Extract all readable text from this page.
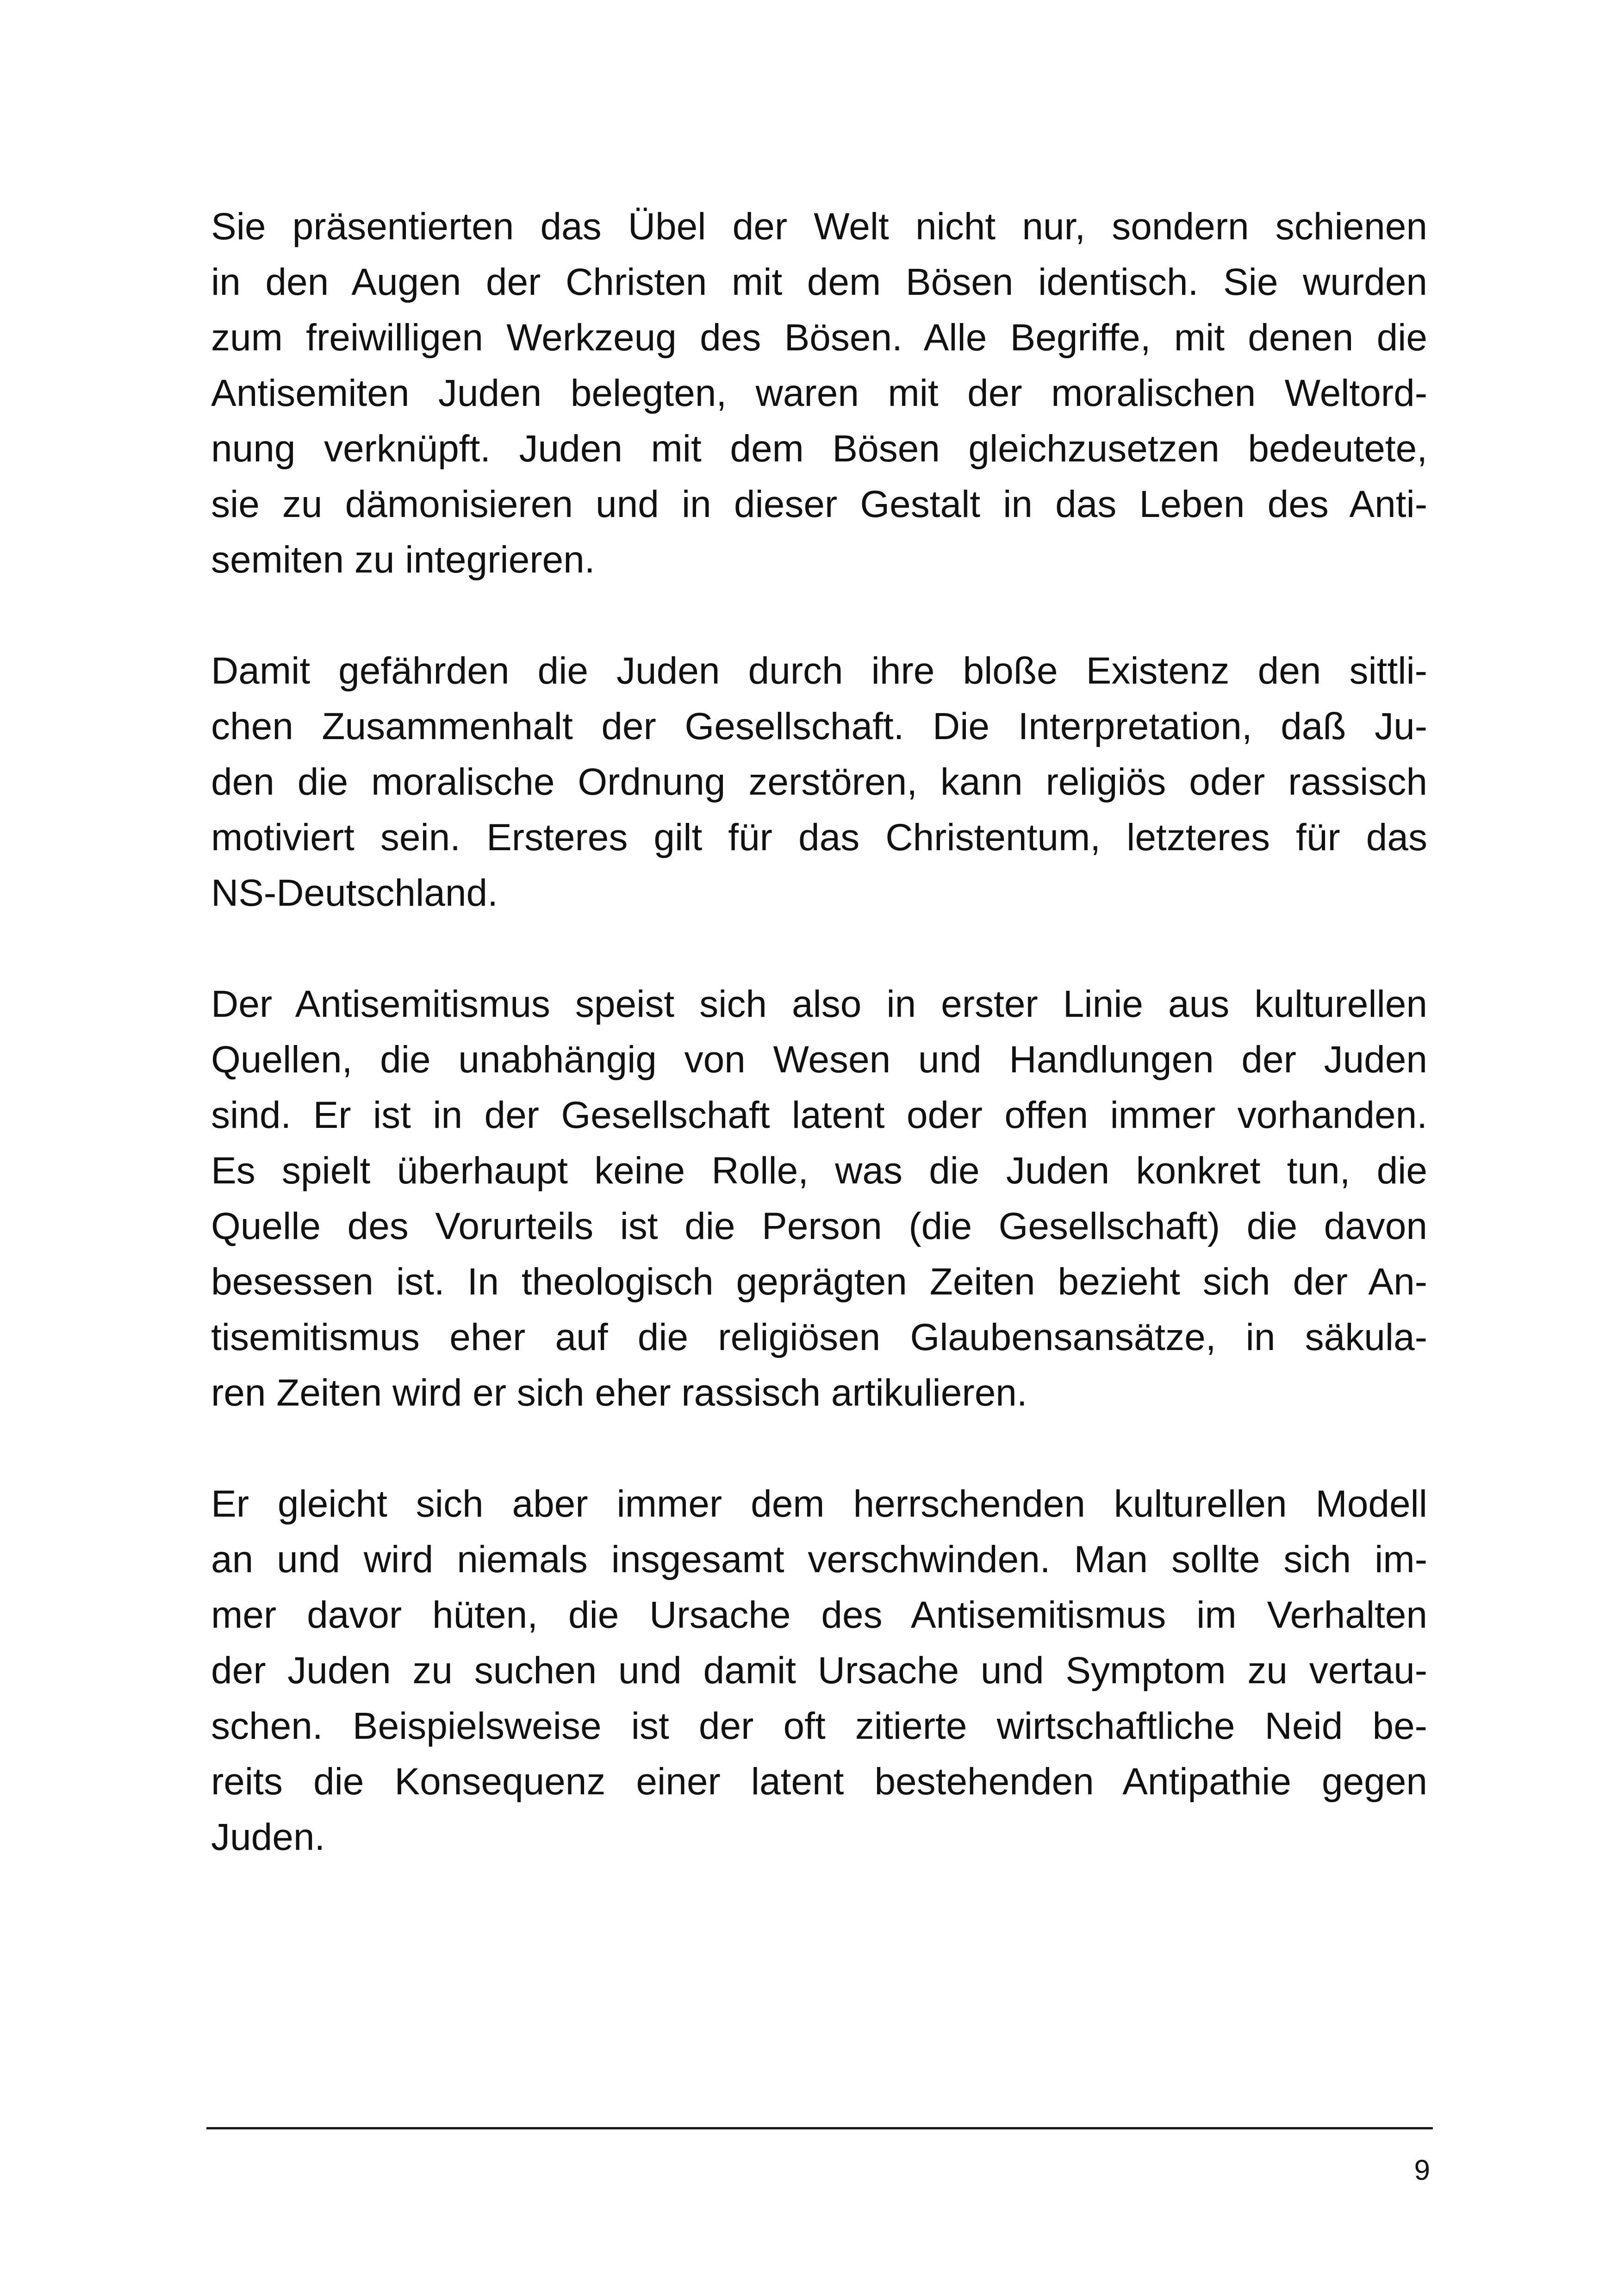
Sie präsentierten das Übel der Welt nicht nur, sondern schienen
in den Augen der Christen mit dem Bösen identisch. Sie wurden
zum freiwilligen Werkzeug des Bösen. Alle Begriffe, mit denen die
Antisemiten Juden belegten, waren mit der moralischen Weltord-
nung verknüpft. Juden mit dem Bösen gleichzusetzen bedeutete,
sie zu dämonisieren und in dieser Gestalt in das Leben des Anti-
semiten zu integrieren.
Damit gefährden die Juden durch ihre bloße Existenz den sittli-
chen Zusammenhalt der Gesellschaft. Die Interpretation, daß Ju-
den die moralische Ordnung zerstören, kann religiös oder rassisch
motiviert sein. Ersteres gilt für das Christentum, letzteres für das
NS-Deutschland.
Der Antisemitismus speist sich also in erster Linie aus kulturellen
Quellen, die unabhängig von Wesen und Handlungen der Juden
sind. Er ist in der Gesellschaft latent oder offen immer vorhanden.
Es spielt überhaupt keine Rolle, was die Juden konkret tun, die
Quelle des Vorurteils ist die Person (die Gesellschaft) die davon
besessen ist. In theologisch geprägten Zeiten bezieht sich der An-
tisemitismus eher auf die religiösen Glaubensansätze, in säkula-
ren Zeiten wird er sich eher rassisch artikulieren.
Er gleicht sich aber immer dem herrschenden kulturellen Modell
an und wird niemals insgesamt verschwinden. Man sollte sich im-
mer davor hüten, die Ursache des Antisemitismus im Verhalten
der Juden zu suchen und damit Ursache und Symptom zu vertau-
schen. Beispielsweise ist der oft zitierte wirtschaftliche Neid be-
reits die Konsequenz einer latent bestehenden Antipathie gegen
Juden.
9
